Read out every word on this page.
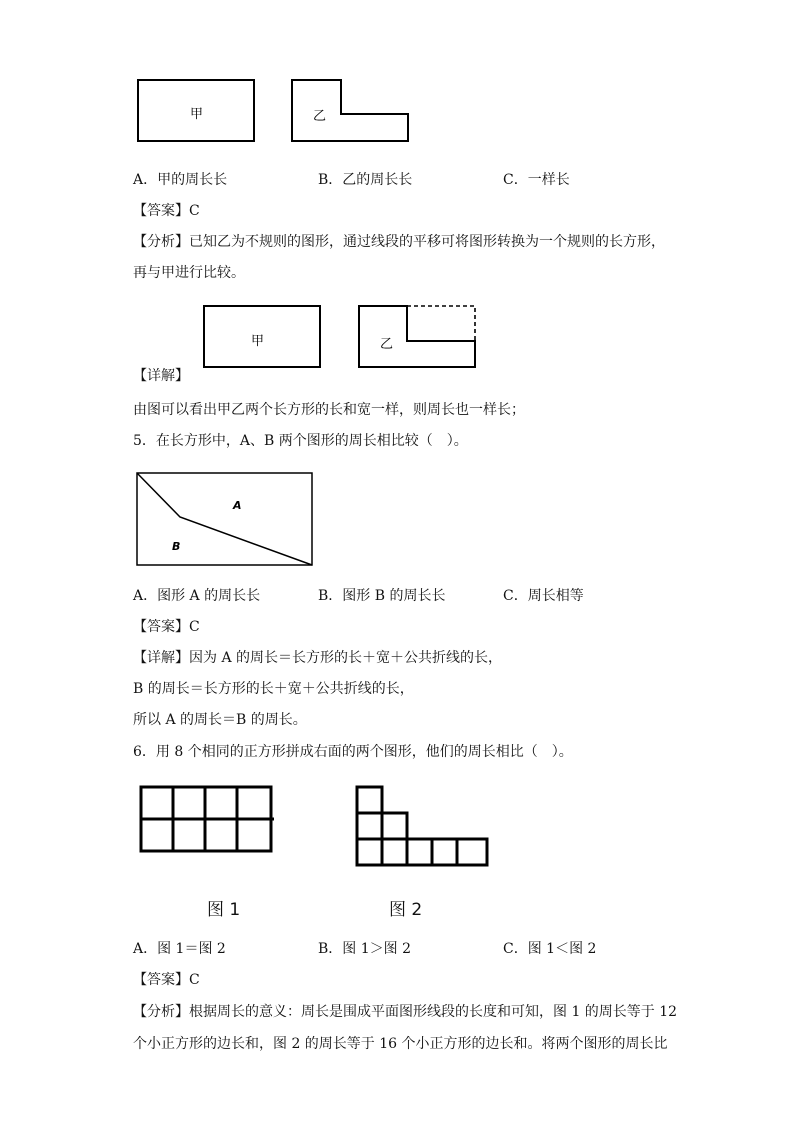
甲	乙
A．甲的周长长	B．乙的周长长	C．一样长
【答案】C
【分析】已知乙为不规则的图形，通过线段的平移可将图形转换为一个规则的长方形，
再与甲进行比较。
甲	乙
【详解】
由图可以看出甲乙两个长方形的长和宽一样，则周长也一样长；
5．在长方形中，A、B 两个图形的周长相比较（　）。
A
B
A．图形 A 的周长长	B．图形 B 的周长长	C．周长相等
【答案】C
【详解】因为 A 的周长＝长方形的长＋宽＋公共折线的长，
B 的周长＝长方形的长＋宽＋公共折线的长，
所以 A 的周长＝B 的周长。
6．用 8 个相同的正方形拼成右面的两个图形，他们的周长相比（　）。
图 1	图 2
A．图 1＝图 2	B．图 1＞图 2	C．图 1＜图 2
【答案】C
【分析】根据周长的意义：周长是围成平面图形线段的长度和可知，图 1 的周长等于 12
个小正方形的边长和，图 2 的周长等于 16 个小正方形的边长和。将两个图形的周长比
